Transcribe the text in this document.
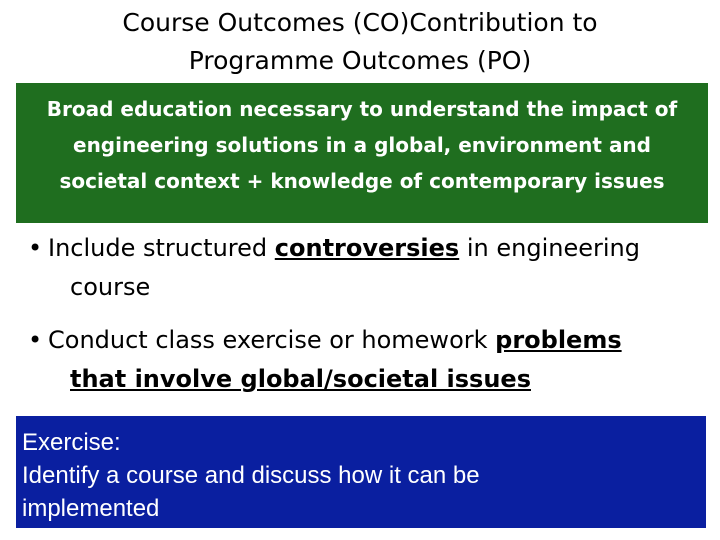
Course Outcomes (CO)Contribution to
Programme Outcomes (PO)
Broad education necessary to understand the impact of
engineering solutions in a global, environment and
societal context + knowledge of contemporary issues
• Include structured controversies in engineering
course
• Conduct class exercise or homework problems
that involve global/societal issues
Exercise:
Identify a course and discuss how it can be
implemented
